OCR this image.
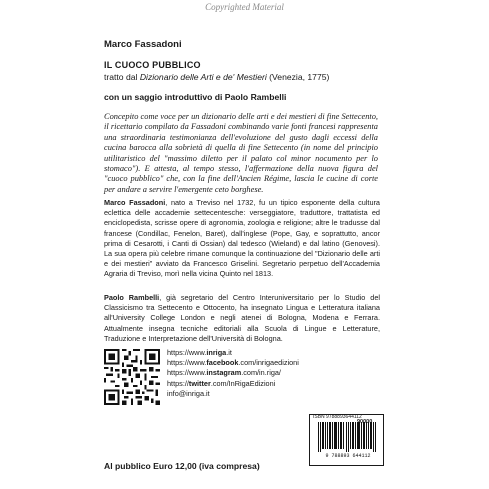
Copyrighted Material
Marco Fassadoni
IL CUOCO PUBBLICO
tratto dal Dizionario delle Arti e de' Mestieri (Venezia, 1775)
con un saggio introduttivo di Paolo Rambelli
Concepito come voce per un dizionario delle arti e dei mestieri di fine Settecento, il ricettario compilato da Fassadoni combinando varie fonti francesi rappresenta una straordinaria testimonianza dell'evoluzione del gusto dagli eccessi della cucina barocca alla sobrietà di quella di fine Settecento (in nome del principio utilitaristico del "massimo diletto per il palato col minor nocumento per lo stomaco"). E attesta, al tempo stesso, l'affermazione della nuova figura del "cuoco pubblico" che, con la fine dell'Ancien Régime, lascia le cucine di corte per andare a servire l'emergente ceto borghese.
Marco Fassadoni, nato a Treviso nel 1732, fu un tipico esponente della cultura eclettica delle accademie settecentesche: verseggiatore, traduttore, trattatista ed enciclopedista, scrisse opere di agronomia, zoologia e religione; altre le tradusse dal francese (Condillac, Fenelon, Baret), dall'inglese (Pope, Gay, e soprattutto, ancor prima di Cesarotti, i Canti di Ossian) dal tedesco (Wieland) e dal latino (Genovesi). La sua opera più celebre rimane comunque la continuazione del "Dizionario delle arti e dei mestieri" avviato da Francesco Griselini. Segretario perpetuo dell'Accademia Agraria di Treviso, morì nella vicina Quinto nel 1813.
Paolo Rambelli, già segretario del Centro Interuniversitario per lo Studio del Classicismo tra Settecento e Ottocento, ha insegnato Lingua e Letteratura italiana all'University College London e negli atenei di Bologna, Modena e Ferrara. Attualmente insegna tecniche editoriali alla Scuola di Lingue e Letterature, Traduzione e Interpretazione dell'Università di Bologna.
https://www.inriga.it
https://www.facebook.com/inrigaedizioni
https://www.instagram.com/in.riga/
https://twitter.com/InRigaEdizioni
info@inriga.it
ISBN 9788893644112
9 788893 644112
Al pubblico Euro 12,00 (iva compresa)
